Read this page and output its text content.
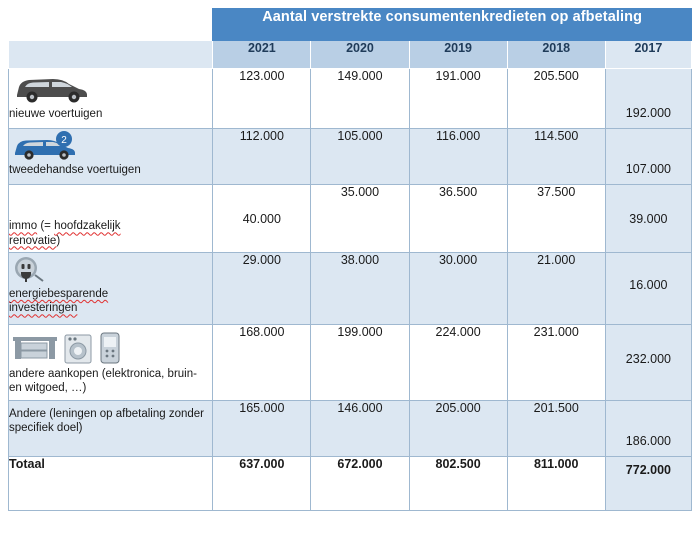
	Aantal verstrekte consumentenkredieten op afbetaling				
	2021	2020	2019	2018	2017

nieuwe voertuigen	123.000	149.000	191.000	205.500	192.000

2
tweedehandse voertuigen	112.000	105.000	116.000	114.500	107.000

immo (= hoofdzakelijk
renovatie)	40.000	35.000	36.500	37.500	39.000

energiebesparende
investeringen	29.000	38.000	30.000	21.000	16.000

andere aankopen (elektronica, bruin- en witgoed, …)	168.000	199.000	224.000	231.000	232.000

Andere (leningen op afbetaling zonder specifiek doel)	165.000	146.000	205.000	201.500	186.000
Totaal	637.000	672.000	802.500	811.000	772.000
